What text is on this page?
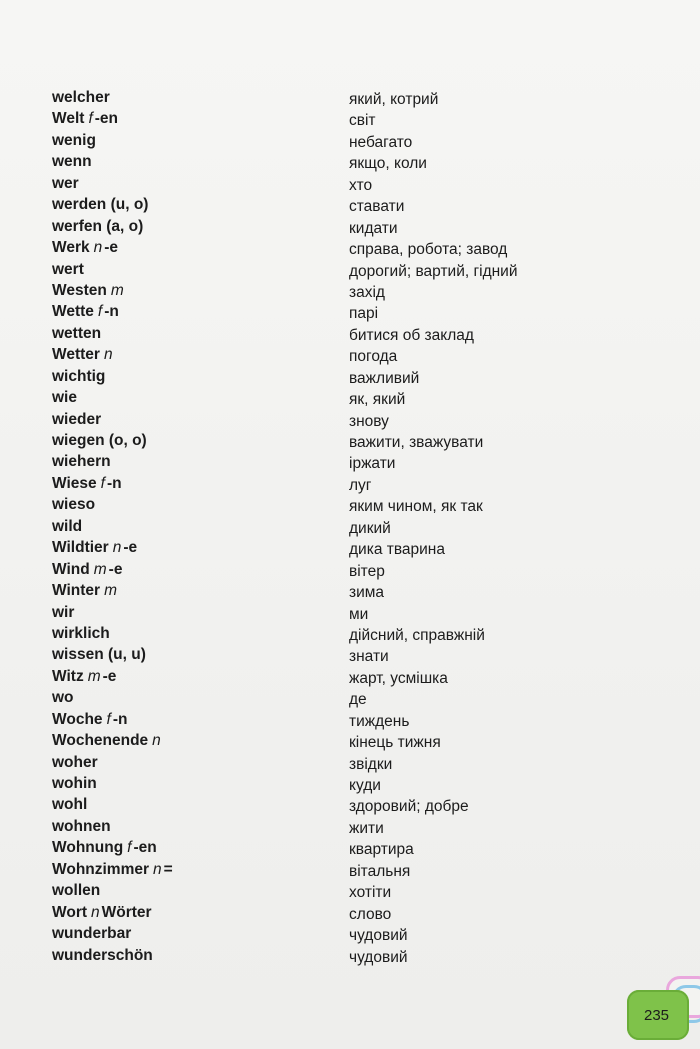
welcher	який, котрий
Welt f -en	світ
wenig	небагато
wenn	якщо, коли
wer	хто
werden (u, o)	ставати
werfen (a, o)	кидати
Werk n -e	справа, робота; завод
wert	дорогий; вартий, гідний
Westen m	захід
Wette f -n	парі
wetten	битися об заклад
Wetter n	погода
wichtig	важливий
wie	як, який
wieder	знову
wiegen (o, o)	важити, зважувати
wiehern	іржати
Wiese f -n	луг
wieso	яким чином, як так
wild	дикий
Wildtier n -e	дика тварина
Wind m -e	вітер
Winter m	зима
wir	ми
wirklich	дійсний, справжній
wissen (u, u)	знати
Witz m -e	жарт, усмішка
wo	де
Woche f -n	тиждень
Wochenende n	кінець тижня
woher	звідки
wohin	куди
wohl	здоровий; добре
wohnen	жити
Wohnung f -en	квартира
Wohnzimmer n =	вітальня
wollen	хотіти
Wort n Wörter	слово
wunderbar	чудовий
wunderschön	чудовий
235
